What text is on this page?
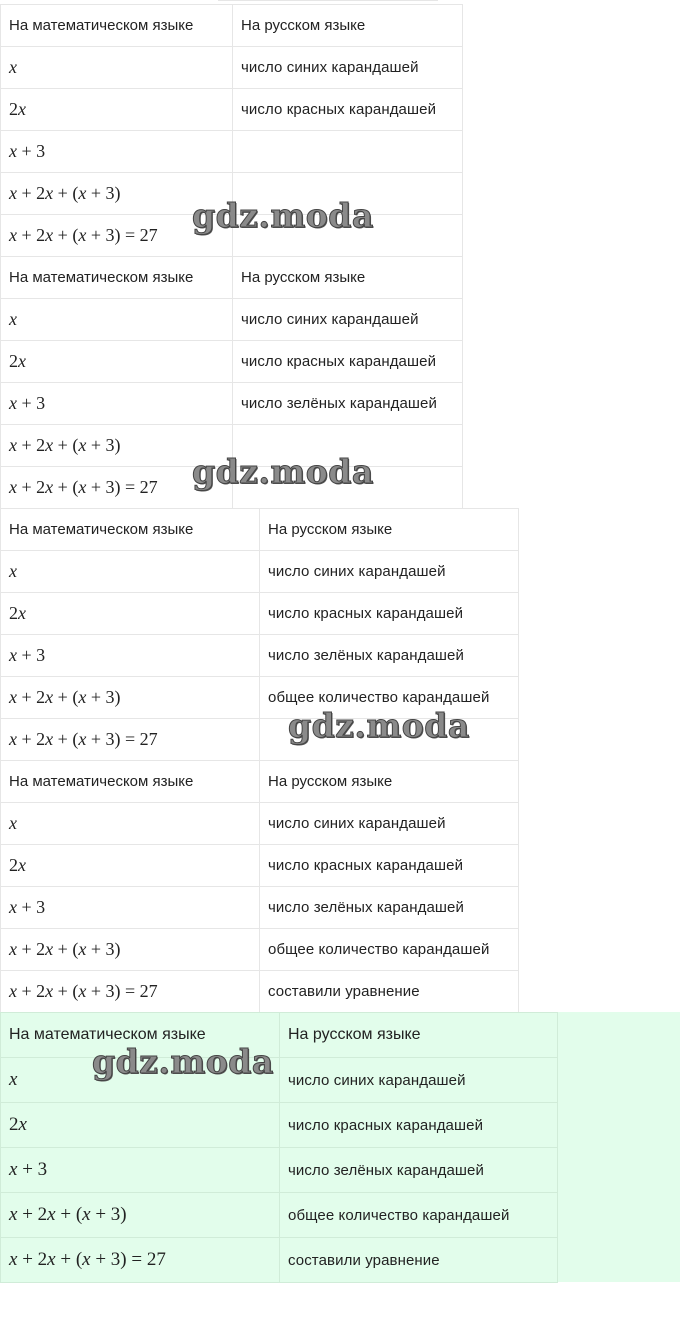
На математическом языке	На русском языке
x	число синих карандашей
2x	число красных карандашей
x + 3	
x + 2x + (x + 3)	
x + 2x + (x + 3) = 27	
На математическом языке	На русском языке
x	число синих карандашей
2x	число красных карандашей
x + 3	число зелёных карандашей
x + 2x + (x + 3)	
x + 2x + (x + 3) = 27	
На математическом языке	На русском языке
x	число синих карандашей
2x	число красных карандашей
x + 3	число зелёных карандашей
x + 2x + (x + 3)	общее количество карандашей
x + 2x + (x + 3) = 27	
На математическом языке	На русском языке
x	число синих карандашей
2x	число красных карандашей
x + 3	число зелёных карандашей
x + 2x + (x + 3)	общее количество карандашей
x + 2x + (x + 3) = 27	составили уравнение
На математическом языке	На русском языке
x	число синих карандашей
2x	число красных карандашей
x + 3	число зелёных карандашей
x + 2x + (x + 3)	общее количество карандашей
x + 2x + (x + 3) = 27	составили уравнение
gdz.moda
gdz.moda
gdz.moda
gdz.moda
